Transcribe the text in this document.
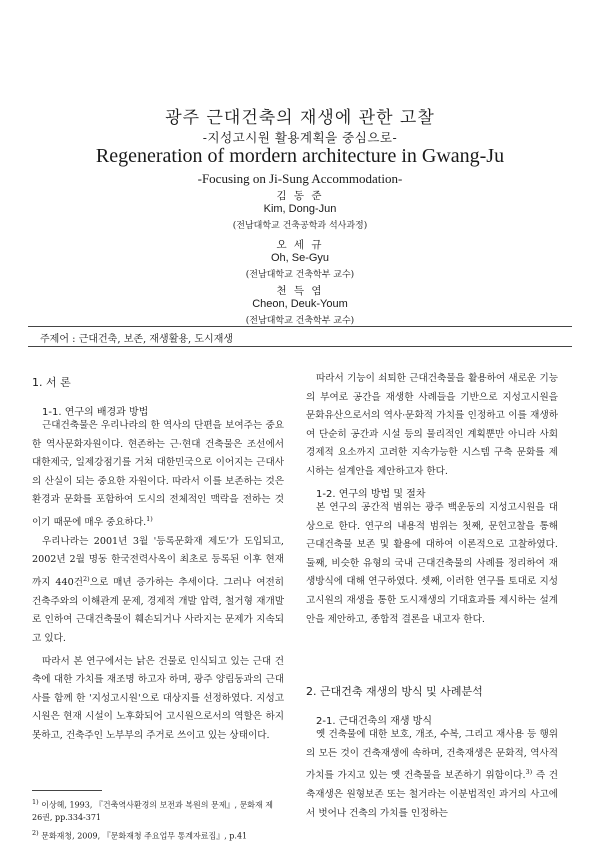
광주 근대건축의 재생에 관한 고찰
-지성고시원 활용계획을 중심으로-
Regeneration of mordern architecture in Gwang-Ju
-Focusing on Ji-Sung Accommodation-
김 동 준
Kim, Dong-Jun
(전남대학교 건축공학과 석사과정)
오 세 규
Oh, Se-Gyu
(전남대학교 건축학부 교수)
천 득 염
Cheon, Deuk-Youm
(전남대학교 건축학부 교수)
주제어 : 근대건축, 보존, 재생활용, 도시재생
1. 서 론
1-1. 연구의 배경과 방법

근대건축물은 우리나라의 한 역사의 단편을 보여주는 중요한 역사문화자원이다. 현존하는 근·현대 건축물은 조선에서 대한제국, 일제강점기를 거쳐 대한민국으로 이어지는 근대사의 산실이 되는 중요한 자원이다. 따라서 이를 보존하는 것은 환경과 문화를 포함하여 도시의 전체적인 맥락을 전하는 것이기 때문에 매우 중요하다.$^{1)}$

우리나라는 2001년 3월 '등록문화재 제도'가 도입되고, 2002년 2월 명동 한국전력사옥이 최초로 등록된 이후 현재까지 440건$^{2)}$으로 매년 증가하는 추세이다. 그러나 여전히 건축주와의 이해관계 문제, 경제적 개발 압력, 철거형 재개발로 인하여 근대건축물이 훼손되거나 사라지는 문제가 지속되고 있다.

따라서 본 연구에서는 낡은 건물로 인식되고 있는 근대 건축에 대한 가치를 재조명 하고자 하며, 광주 양림동과의 근대사를 함께 한 '지성고시원'으로 대상지를 선정하였다. 지성고시원은 현재 시설이 노후화되어 고시원으로서의 역할은 하지 못하고, 건축주인 노부부의 주거로 쓰이고 있는 상태이다.

$^{1)}$ 이상헤, 1993, 『건축역사환경의 보전과 복원의 문제』, 문화재 제 26권, pp.334-371

$^{2)}$ 문화재청, 2009, 『문화재청 주요업무 통계자료집』, p.41

따라서 기능이 쇠퇴한 근대건축물을 활용하여 새로운 기능의 부여로 공간을 재생한 사례들을 기반으로 지성고시원을 문화유산으로서의 역사·문화적 가치를 인정하고 이를 재생하여 단순히 공간과 시설 등의 물리적인 계획뿐만 아니라 사회경제적 요소까지 고려한 지속가능한 시스템 구축 문화를 제시하는 설계안을 제안하고자 한다.

1-2. 연구의 방법 및 절차

본 연구의 공간적 범위는 광주 백운동의 지성고시원을 대상으로 한다. 연구의 내용적 범위는 첫째, 문헌고찰을 통해 근대건축물 보존 및 활용에 대하여 이론적으로 고찰하였다. 둘째, 비슷한 유형의 국내 근대건축물의 사례를 정리하여 재생방식에 대해 연구하였다. 셋째, 이러한 연구를 토대로 지성고시원의 재생을 통한 도시재생의 기대효과를 제시하는 설계안을 제안하고, 종합적 결론을 내고자 한다.

2. 근대건축 재생의 방식 및 사례분석
2-1. 근대건축의 재생 방식

옛 건축물에 대한 보호, 개조, 수복, 그리고 재사용 등 행위의 모든 것이 건축재생에 속하며, 건축재생은 문화적, 역사적 가치를 가지고 있는 옛 건축물을 보존하기 위함이다.$^{3)}$ 즉 건축재생은 원형보존 또는 철거라는 이분법적인 과거의 사고에서 벗어나 건축의 가치를 인정하는
